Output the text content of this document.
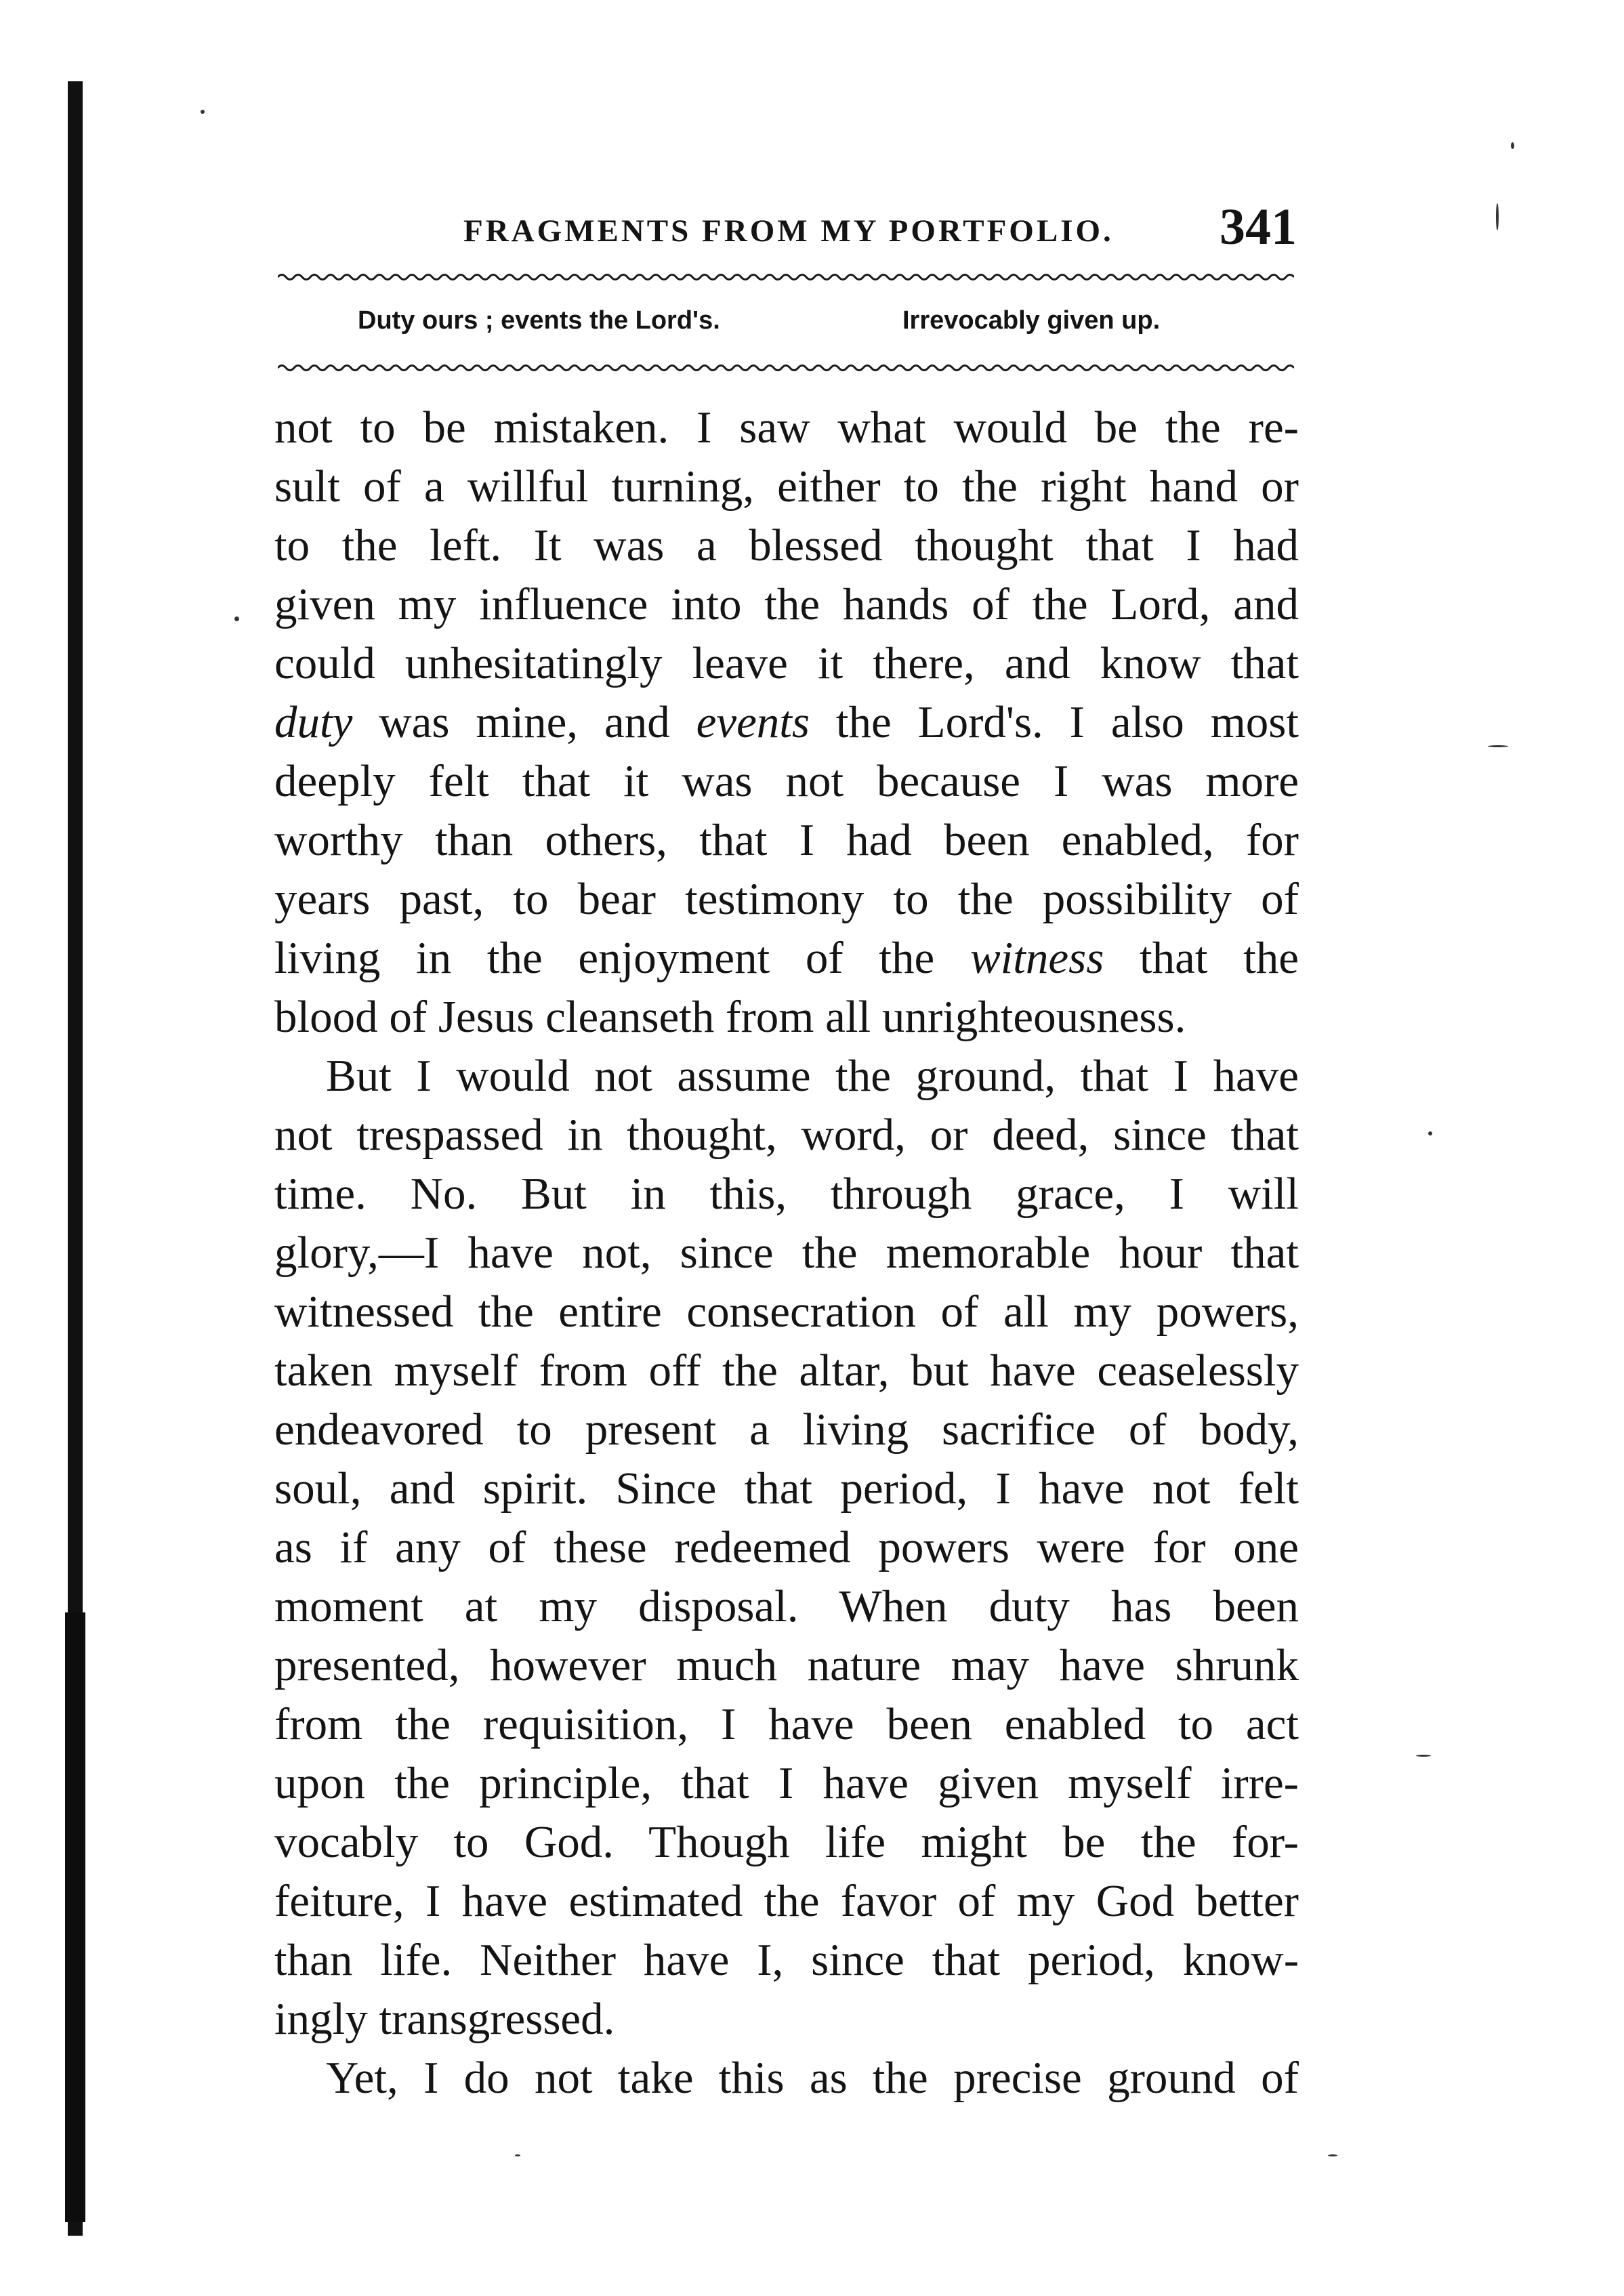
FRAGMENTS FROM MY PORTFOLIO. 341
Duty ours ; events the Lord's.	Irrevocably given up.
not to be mistaken. I saw what would be the re-
sult of a willful turning, either to the right hand or
to the left. It was a blessed thought that I had
given my influence into the hands of the Lord, and
could unhesitatingly leave it there, and know that
duty was mine, and events the Lord's. I also most
deeply felt that it was not because I was more
worthy than others, that I had been enabled, for
years past, to bear testimony to the possibility of
living in the enjoyment of the witness that the
blood of Jesus cleanseth from all unrighteousness.
But I would not assume the ground, that I have
not trespassed in thought, word, or deed, since that
time. No. But in this, through grace, I will
glory,—I have not, since the memorable hour that
witnessed the entire consecration of all my powers,
taken myself from off the altar, but have ceaselessly
endeavored to present a living sacrifice of body,
soul, and spirit. Since that period, I have not felt
as if any of these redeemed powers were for one
moment at my disposal. When duty has been
presented, however much nature may have shrunk
from the requisition, I have been enabled to act
upon the principle, that I have given myself irre-
vocably to God. Though life might be the for-
feiture, I have estimated the favor of my God better
than life. Neither have I, since that period, know-
ingly transgressed.
Yet, I do not take this as the precise ground of
